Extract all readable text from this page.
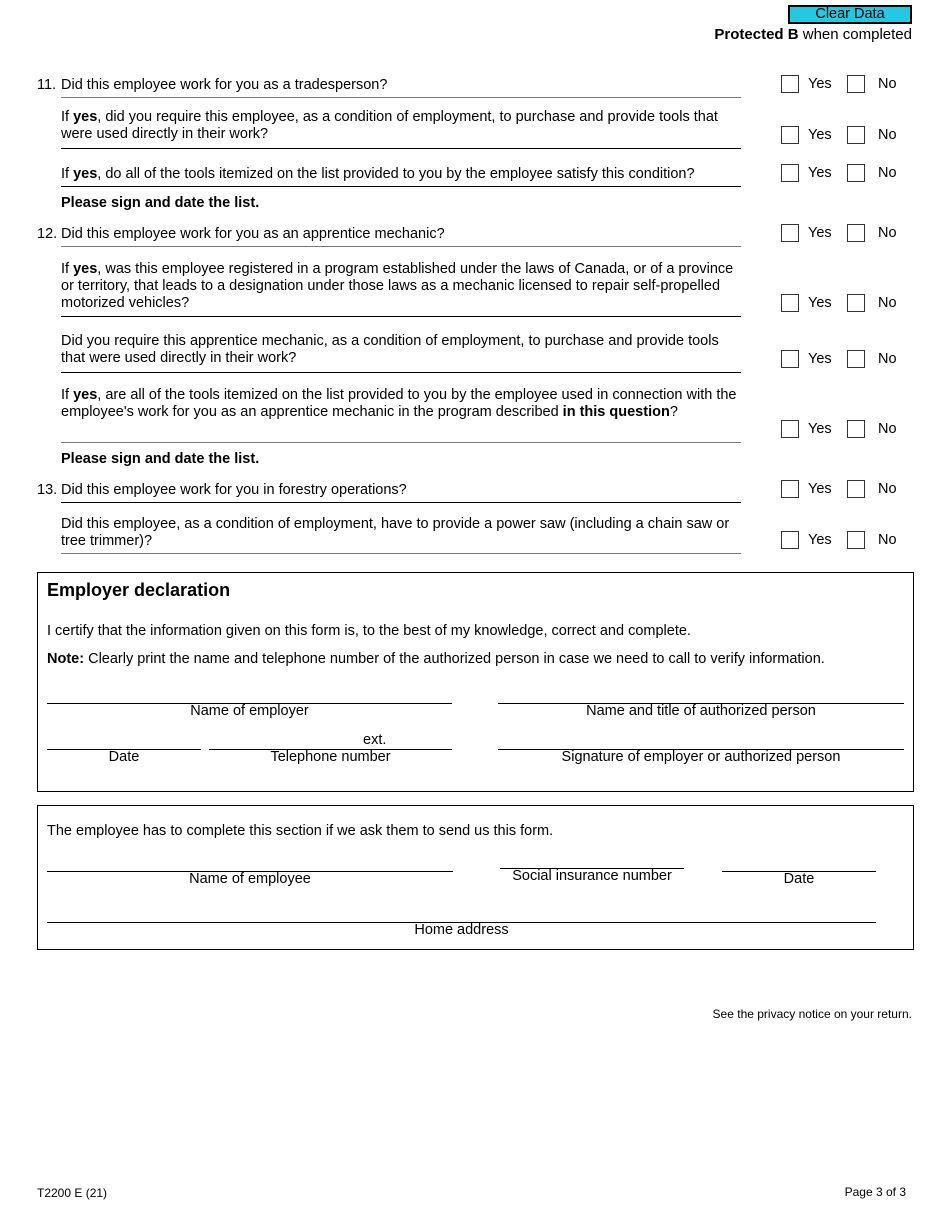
Clear Data
Protected B when completed
11. Did this employee work for you as a tradesperson?	Yes	No
If yes, did you require this employee, as a condition of employment, to purchase and provide tools that were used directly in their work?	Yes	No
If yes, do all of the tools itemized on the list provided to you by the employee satisfy this condition?	Yes	No
Please sign and date the list.
12. Did this employee work for you as an apprentice mechanic?	Yes	No
If yes, was this employee registered in a program established under the laws of Canada, or of a province or territory, that leads to a designation under those laws as a mechanic licensed to repair self-propelled motorized vehicles?	Yes	No
Did you require this apprentice mechanic, as a condition of employment, to purchase and provide tools that were used directly in their work?	Yes	No
If yes, are all of the tools itemized on the list provided to you by the employee used in connection with the employee's work for you as an apprentice mechanic in the program described in this question?
Yes	No
Please sign and date the list.
13. Did this employee work for you in forestry operations?	Yes	No
Did this employee, as a condition of employment, have to provide a power saw (including a chain saw or tree trimmer)?	Yes	No
Employer declaration
I certify that the information given on this form is, to the best of my knowledge, correct and complete.
Note: Clearly print the name and telephone number of the authorized person in case we need to call to verify information.
Name of employer	Name and title of authorized person
Date
ext.
Telephone number	Signature of employer or authorized person
The employee has to complete this section if we ask them to send us this form.
Name of employee	Social insurance number	Date
Home address
See the privacy notice on your return.
T2200 E (21)	Page 3 of 3
